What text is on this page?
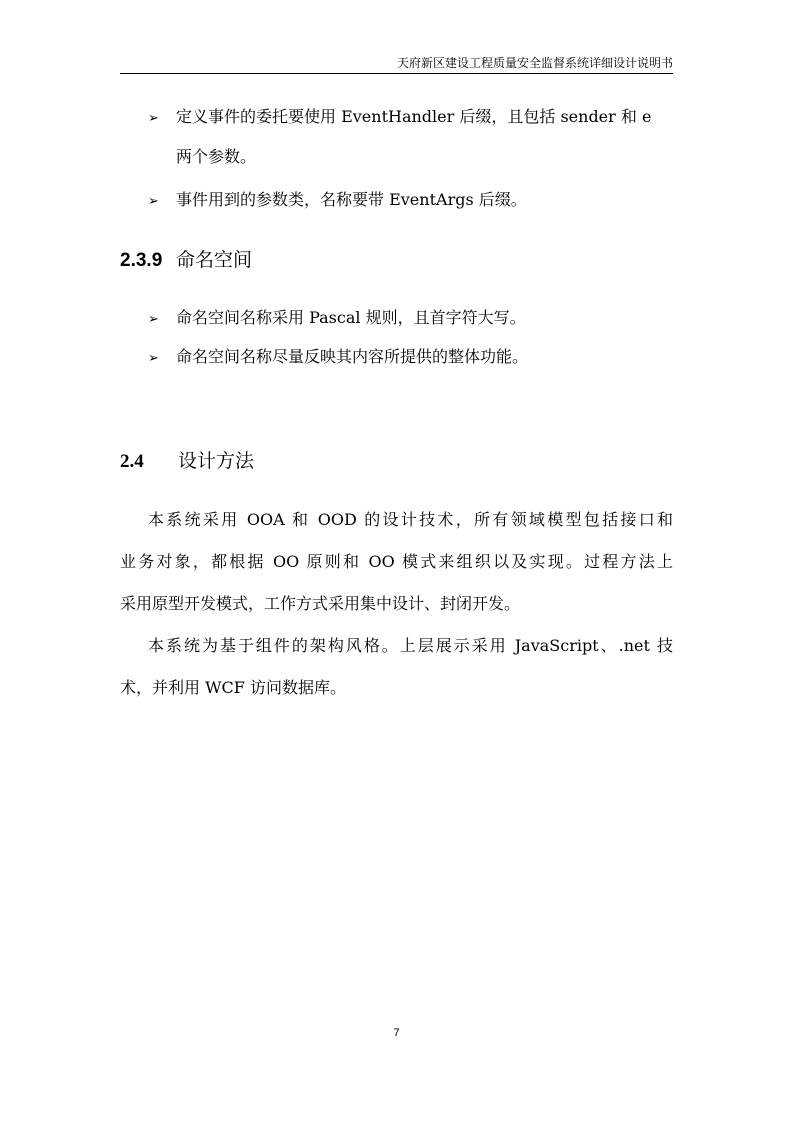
天府新区建设工程质量安全监督系统详细设计说明书
➢ 定义事件的委托要使用 EventHandler 后缀，且包括 sender 和 e
两个参数。
➢ 事件用到的参数类，名称要带 EventArgs 后缀。
2.3.9 命名空间
➢ 命名空间名称采用 Pascal 规则，且首字符大写。
➢ 命名空间名称尽量反映其内容所提供的整体功能。
2.4 设计方法
本系统采用 OOA 和 OOD 的设计技术，所有领域模型包括接口和
业务对象，都根据 OO 原则和 OO 模式来组织以及实现。过程方法上
采用原型开发模式，工作方式采用集中设计、封闭开发。
本系统为基于组件的架构风格。上层展示采用 JavaScript、.net 技
术，并利用 WCF 访问数据库。
7
